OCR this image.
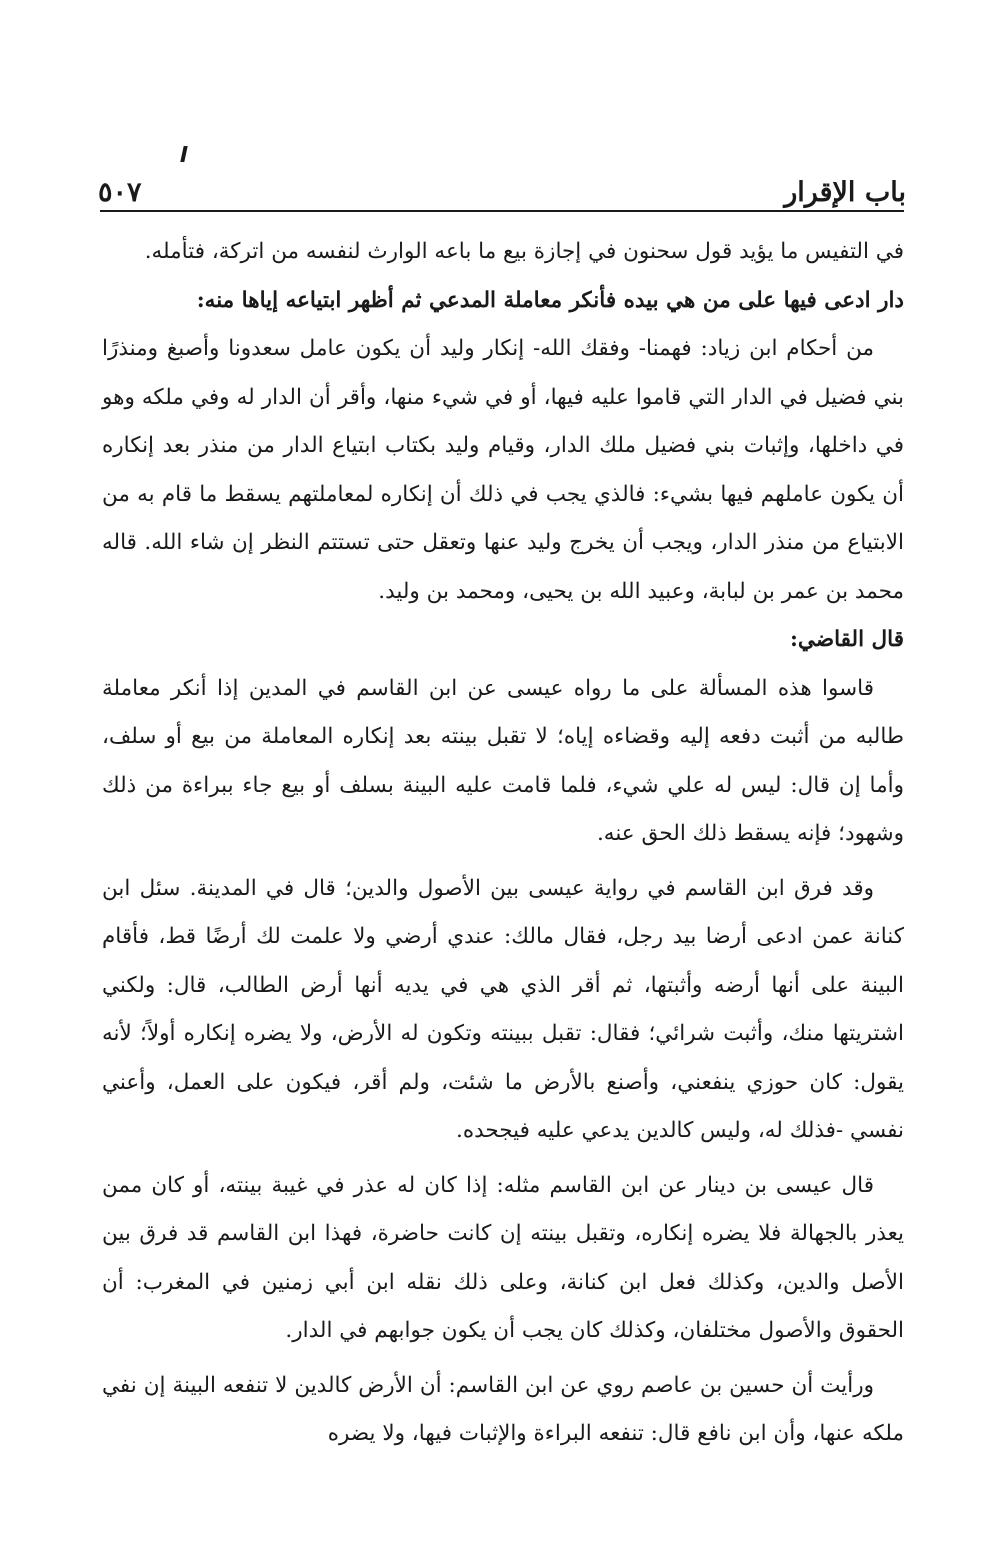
باب الإقرار
٥٠٧

في التفيس ما يؤيد قول سحنون في إجازة بيع ما باعه الوارث لنفسه من اتركة، فتأمله.

دار ادعى فيها على من هي بيده فأنكر معاملة المدعي ثم أظهر ابتياعه إياها منه:

من أحكام ابن زياد: فهمنا- وفقك الله- إنكار وليد أن يكون عامل سعدونا وأصبغ ومنذرًا بني فضيل في الدار التي قاموا عليه فيها، أو في شيء منها، وأقر أن الدار له وفي ملكه وهو في داخلها، وإثبات بني فضيل ملك الدار، وقيام وليد بكتاب ابتياع الدار من منذر بعد إنكاره أن يكون عاملهم فيها بشيء: فالذي يجب في ذلك أن إنكاره لمعاملتهم يسقط ما قام به من الابتياع من منذر الدار، ويجب أن يخرج وليد عنها وتعقل حتى تستتم النظر إن شاء الله. قاله محمد بن عمر بن لبابة، وعبيد الله بن يحيى، ومحمد بن وليد.

قال القاضي:

قاسوا هذه المسألة على ما رواه عيسى عن ابن القاسم في المدين إذا أنكر معاملة طالبه من أثبت دفعه إليه وقضاءه إياه؛ لا تقبل بينته بعد إنكاره المعاملة من بيع أو سلف، وأما إن قال: ليس له علي شيء، فلما قامت عليه البينة بسلف أو بيع جاء ببراءة من ذلك وشهود؛ فإنه يسقط ذلك الحق عنه.

وقد فرق ابن القاسم في رواية عيسى بين الأصول والدين؛ قال في المدينة. سئل ابن كنانة عمن ادعى أرضا بيد رجل، فقال مالك: عندي أرضي ولا علمت لك أرضًا قط، فأقام البينة على أنها أرضه وأثبتها، ثم أقر الذي هي في يديه أنها أرض الطالب، قال: ولكني اشتريتها منك، وأثبت شرائي؛ فقال: تقبل ببينته وتكون له الأرض، ولا يضره إنكاره أولاً؛ لأنه يقول: كان حوزي ينفعني، وأصنع بالأرض ما شئت، ولم أقر، فيكون على العمل، وأعني نفسي -فذلك له، وليس كالدين يدعي عليه فيجحده.

قال عيسى بن دينار عن ابن القاسم مثله: إذا كان له عذر في غيبة بينته، أو كان ممن يعذر بالجهالة فلا يضره إنكاره، وتقبل بينته إن كانت حاضرة، فهذا ابن القاسم قد فرق بين الأصل والدين، وكذلك فعل ابن كنانة، وعلى ذلك نقله ابن أبي زمنين في المغرب: أن الحقوق والأصول مختلفان، وكذلك كان يجب أن يكون جوابهم في الدار.

ورأيت أن حسين بن عاصم روي عن ابن القاسم: أن الأرض كالدين لا تنفعه البينة إن نفي ملكه عنها، وأن ابن نافع قال: تنفعه البراءة والإثبات فيها، ولا يضره
